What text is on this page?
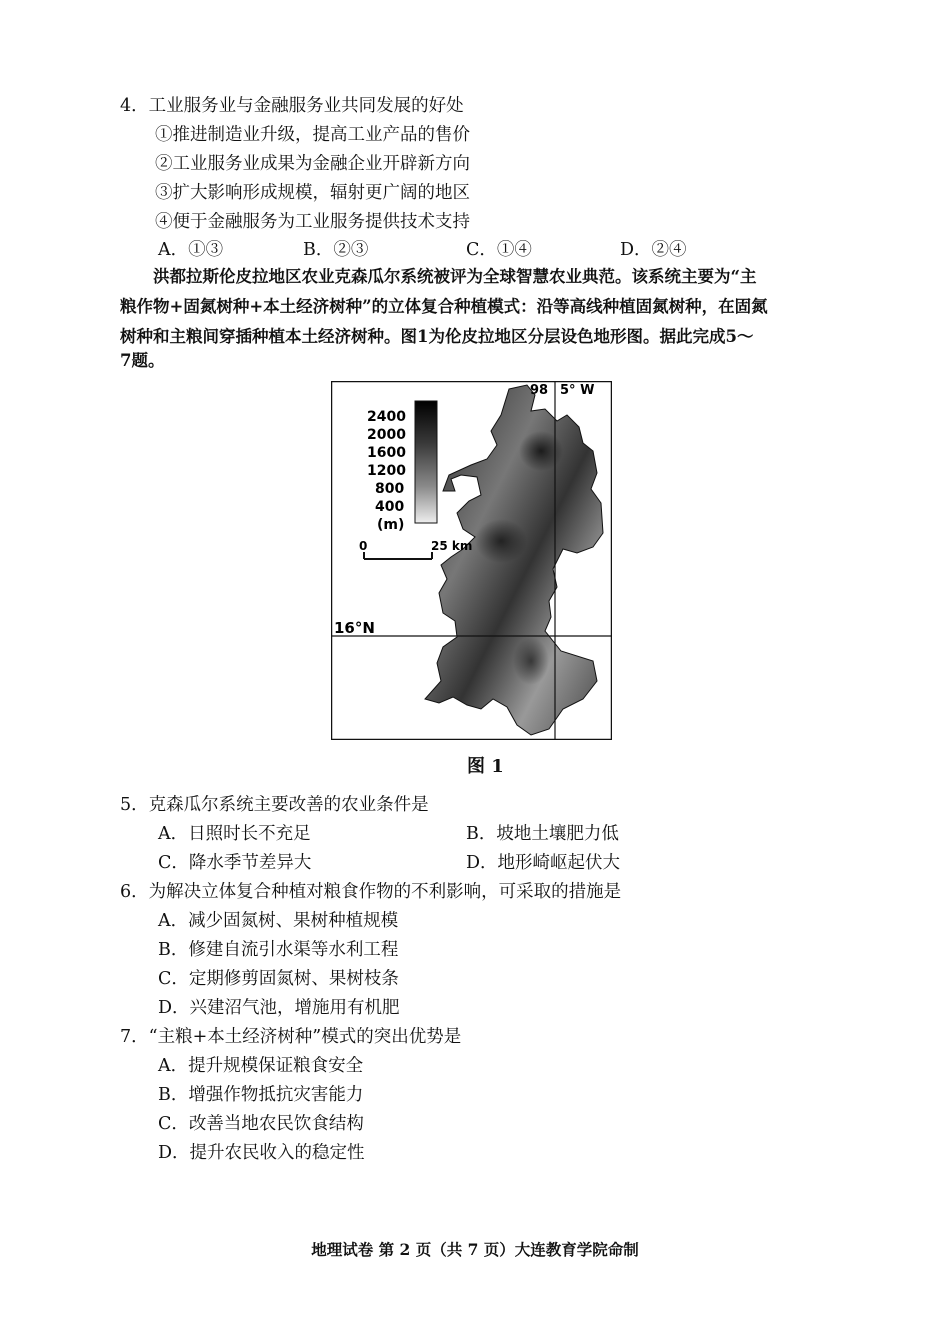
4．工业服务业与金融服务业共同发展的好处
①推进制造业升级，提高工业产品的售价
②工业服务业成果为金融企业开辟新方向
③扩大影响形成规模，辐射更广阔的地区
④便于金融服务为工业服务提供技术支持
A．①③	B．②③	C．①④	D．②④
洪都拉斯伦皮拉地区农业克森瓜尔系统被评为全球智慧农业典范。该系统主要为“主
粮作物+固氮树种+本土经济树种”的立体复合种植模式：沿等高线种植固氮树种，在固氮
树种和主粮间穿插种植本土经济树种。图1为伦皮拉地区分层设色地形图。据此完成5～
7题。
98 5° W
16°N
2400
2000
1600
1200
800
400
(m)
0	25 km
图 1
5．克森瓜尔系统主要改善的农业条件是
A．日照时长不充足	B．坡地土壤肥力低
C．降水季节差异大	D．地形崎岖起伏大
6．为解决立体复合种植对粮食作物的不利影响，可采取的措施是
A．减少固氮树、果树种植规模
B．修建自流引水渠等水利工程
C．定期修剪固氮树、果树枝条
D．兴建沼气池，增施用有机肥
7．“主粮+本土经济树种”模式的突出优势是
A．提升规模保证粮食安全
B．增强作物抵抗灾害能力
C．改善当地农民饮食结构
D．提升农民收入的稳定性
地理试卷 第 2 页（共 7 页）大连教育学院命制
